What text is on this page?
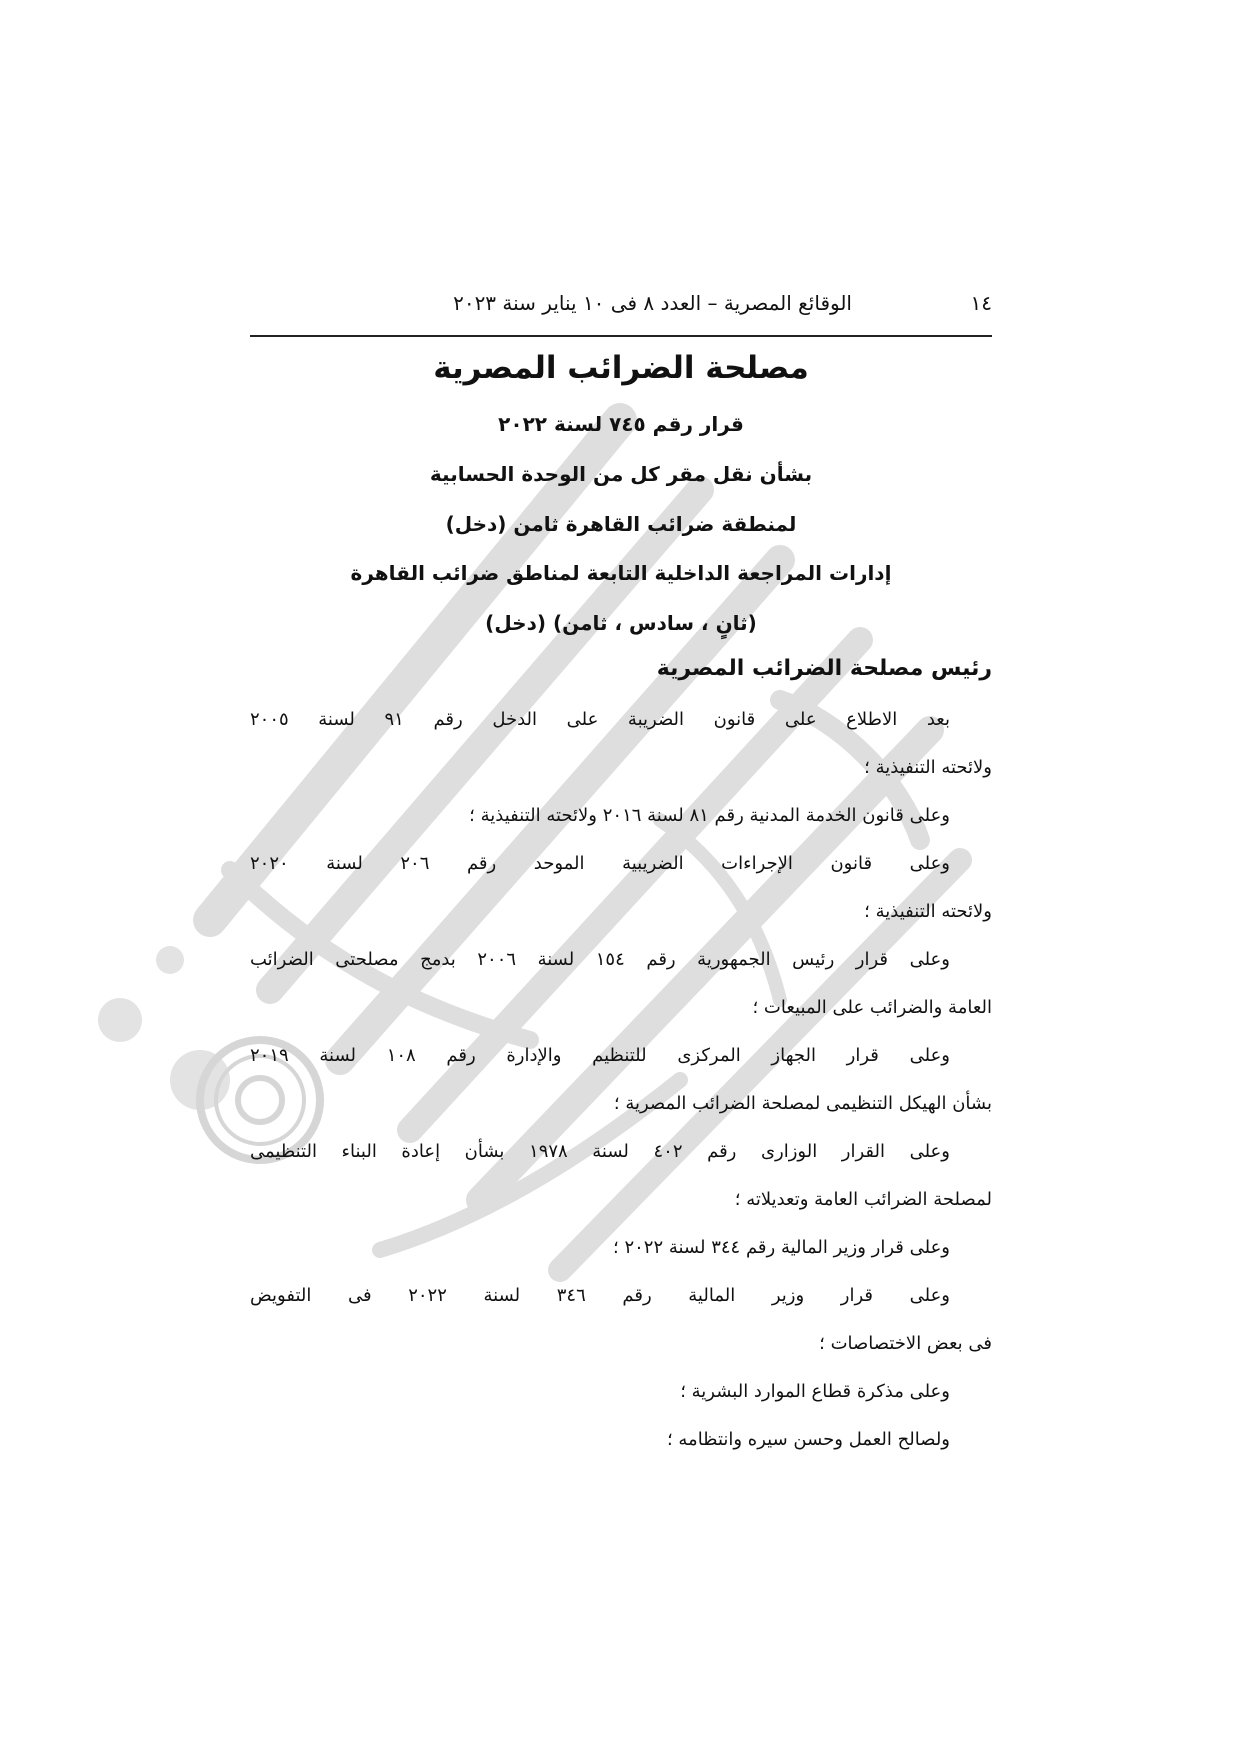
١٤
الوقائع المصرية – العدد ٨ فى ١٠ يناير سنة ٢٠٢٣
مصلحة الضرائب المصرية
قرار رقم ٧٤٥ لسنة ٢٠٢٢
بشأن نقل مقر كل من الوحدة الحسابية
لمنطقة ضرائب القاهرة ثامن (دخل)
إدارات المراجعة الداخلية التابعة لمناطق ضرائب القاهرة
(ثانٍ ، سادس ، ثامن) (دخل)
رئيس مصلحة الضرائب المصرية
بعد الاطلاع على قانون الضريبة على الدخل رقم ٩١ لسنة ٢٠٠٥
ولائحته التنفيذية ؛
وعلى قانون الخدمة المدنية رقم ٨١ لسنة ٢٠١٦ ولائحته التنفيذية ؛
وعلى قانون الإجراءات الضريبية الموحد رقم ٢٠٦ لسنة ٢٠٢٠
ولائحته التنفيذية ؛
وعلى قرار رئيس الجمهورية رقم ١٥٤ لسنة ٢٠٠٦ بدمج مصلحتى الضرائب
العامة والضرائب على المبيعات ؛
وعلى قرار الجهاز المركزى للتنظيم والإدارة رقم ١٠٨ لسنة ٢٠١٩
بشأن الهيكل التنظيمى لمصلحة الضرائب المصرية ؛
وعلى القرار الوزارى رقم ٤٠٢ لسنة ١٩٧٨ بشأن إعادة البناء التنظيمى
لمصلحة الضرائب العامة وتعديلاته ؛
وعلى قرار وزير المالية رقم ٣٤٤ لسنة ٢٠٢٢ ؛
وعلى قرار وزير المالية رقم ٣٤٦ لسنة ٢٠٢٢ فى التفويض
فى بعض الاختصاصات ؛
وعلى مذكرة قطاع الموارد البشرية ؛
ولصالح العمل وحسن سيره وانتظامه ؛
